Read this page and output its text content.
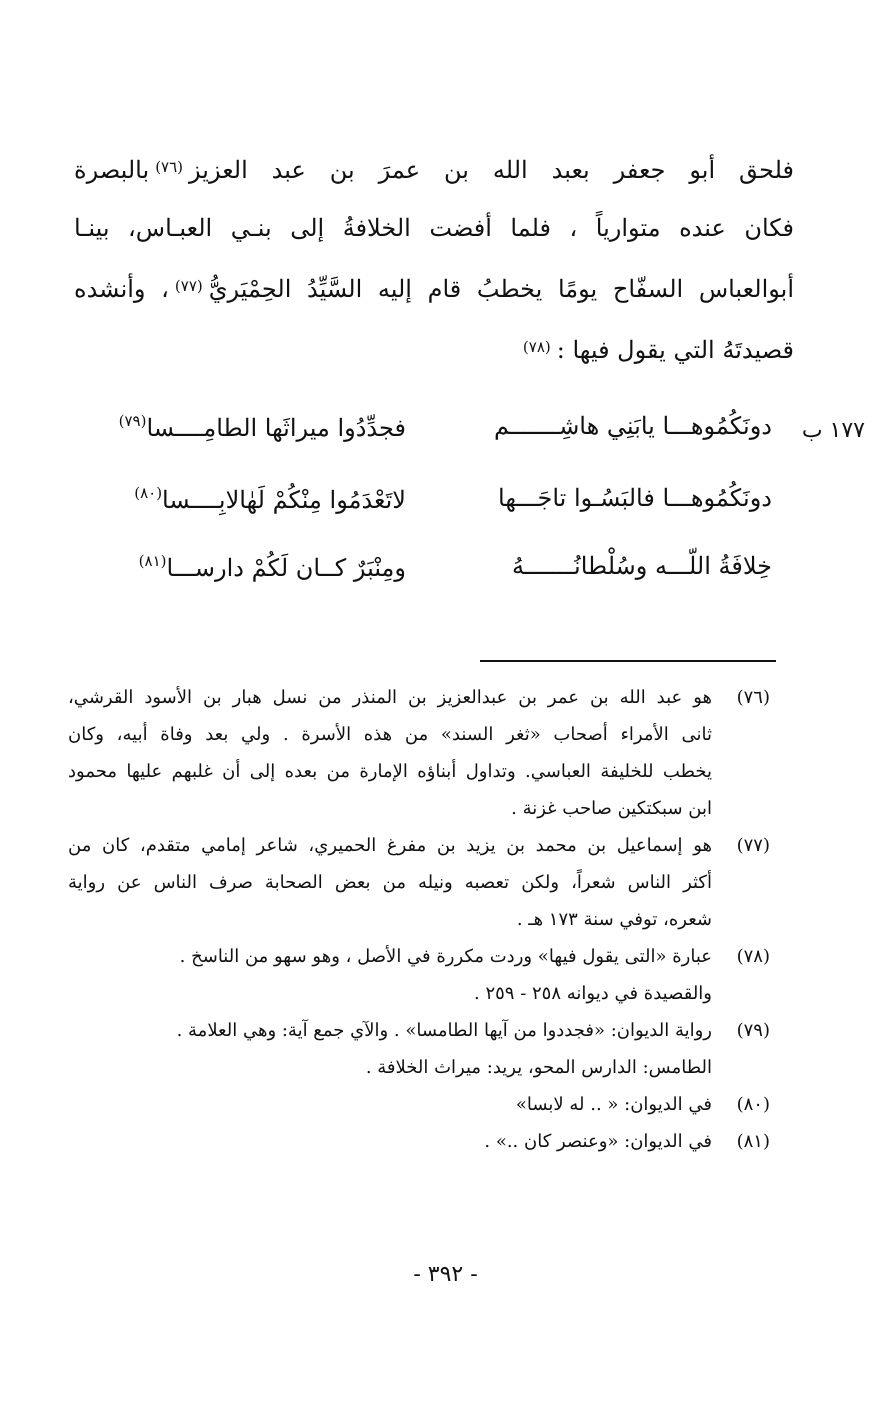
فلحق أبو جعفر بعبد الله بن عمرَ بن عبد العزيز$^{(٧٦)}$بالبصرة
فكان عنده متوارياً ، فلما أفضت الخلافةُ إلى بنـي العبـاس، بينـا
أبوالعباس السفّاح يومًا يخطبُ قام إليه السَّيِّدُ الحِمْيَريُّ$^{(٧٧)}$، وأنشده
قصيدتَهُ التي يقول فيها :$^{(٧٨)}$
١٧٧ ب
دونَكُمُوهـــا يابَنِي هاشِـــــــم
فجدِّدُوا ميراثَها الطامِــــسا$^{(٧٩)}$
دونَكُمُوهـــا فالبَسُـوا تاجَـــها
لاتَعْدَمُوا مِنْكُمْ لَهٰالابِــــسا$^{(٨٠)}$
خِلافَةُ اللّـــه وسُلْطانُـــــــهُ
ومِنْبَرٌ كــان لَكُمْ دارســـا$^{(٨١)}$
(٧٦)
هو عبد الله بن عمر بن عبدالعزيز بن المنذر من نسل هبار بن الأسود القرشي،
ثانى الأمراء أصحاب «ثغر السند» من هذه الأسرة . ولي بعد وفاة أبيه، وكان
يخطب للخليفة العباسي. وتداول أبناؤه الإمارة من بعده إلى أن غلبهم عليها محمود
ابن سبكتكين صاحب غزنة .
(٧٧)
هو إسماعيل بن محمد بن يزيد بن مفرغ الحميري، شاعر إمامي متقدم، كان من
أكثر الناس شعراً، ولكن تعصبه ونيله من بعض الصحابة صرف الناس عن رواية
شعره، توفي سنة ١٧٣ هـ .
(٧٨)
عبارة «التى يقول فيها» وردت مكررة في الأصل ، وهو سهو من الناسخ .
والقصيدة في ديوانه ٢٥٨ - ٢٥٩ .
(٧٩)
رواية الديوان: «فجددوا من آيها الطامسا» . والآي جمع آية: وهي العلامة .
الطامس: الدارس المحو، يريد: ميراث الخلافة .
(٨٠)
في الديوان: « .. له لابسا»
(٨١)
في الديوان: «وعنصر كان ..» .
- ٣٩٢ -
